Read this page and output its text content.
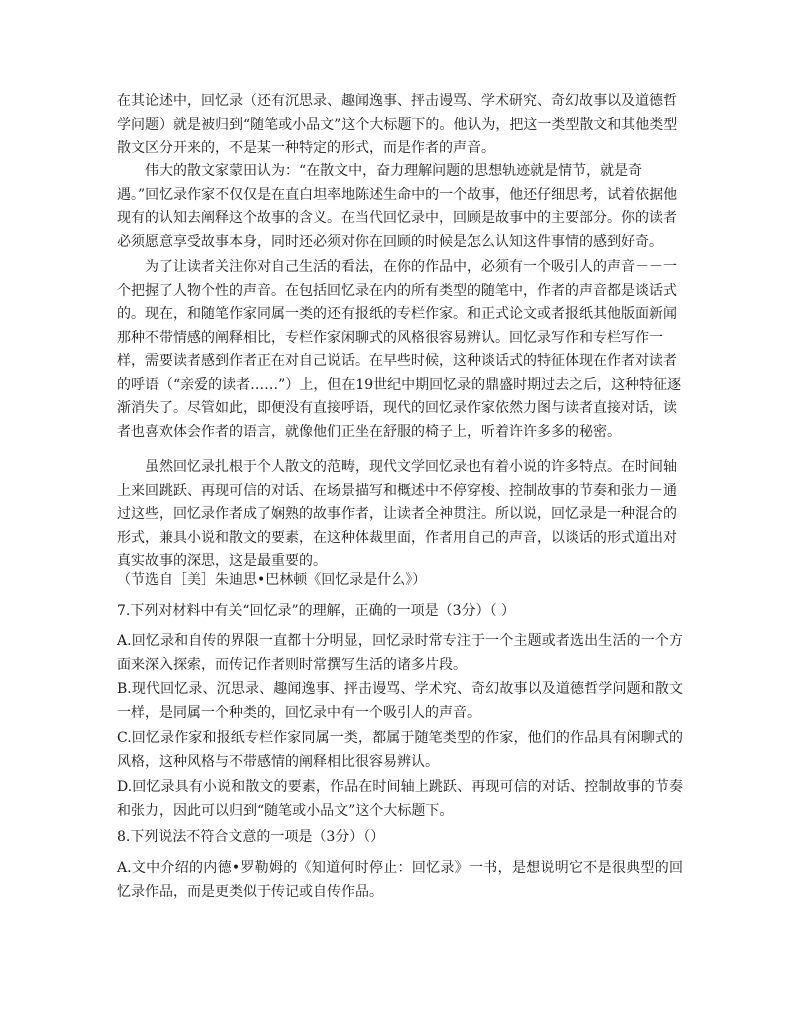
在其论述中，回忆录（还有沉思录、趣闻逸事、抨击谩骂、学术研究、奇幻故事以及道德哲学问题）就是被归到“随笔或小品文”这个大标题下的。他认为，把这一类型散文和其他类型散文区分开来的，不是某一种特定的形式，而是作者的声音。

伟大的散文家蒙田认为：“在散文中，奋力理解问题的思想轨迹就是情节，就是奇遇。”回忆录作家不仅仅是在直白坦率地陈述生命中的一个故事，他还仔细思考，试着依据他现有的认知去阐释这个故事的含义。在当代回忆录中，回顾是故事中的主要部分。你的读者必须愿意享受故事本身，同时还必须对你在回顾的时候是怎么认知这件事情的感到好奇。

为了让读者关注你对自己生活的看法，在你的作品中，必须有一个吸引人的声音－－一个把握了人物个性的声音。在包括回忆录在内的所有类型的随笔中，作者的声音都是谈话式的。现在，和随笔作家同属一类的还有报纸的专栏作家。和正式论文或者报纸其他版面新闻那种不带情感的阐释相比，专栏作家闲聊式的风格很容易辨认。回忆录写作和专栏写作一样，需要读者感到作者正在对自己说话。在早些时候，这种谈话式的特征体现在作者对读者的呼语（“亲爱的读者……”）上，但在19世纪中期回忆录的鼎盛时期过去之后，这种特征逐渐消失了。尽管如此，即便没有直接呼语，现代的回忆录作家依然力图与读者直接对话，读者也喜欢体会作者的语言，就像他们正坐在舒服的椅子上，听着许许多多的秘密。

虽然回忆录扎根于个人散文的范畴，现代文学回忆录也有着小说的许多特点。在时间轴上来回跳跃、再现可信的对话、在场景描写和概述中不停穿梭、控制故事的节奏和张力－通过这些，回忆录作者成了娴熟的故事作者，让读者全神贯注。所以说，回忆录是一种混合的形式，兼具小说和散文的要素，在这种体裁里面，作者用自己的声音，以谈话的形式道出对真实故事的深思，这是最重要的。

（节选自［美］朱迪思•巴林顿《回忆录是什么》）

7.下列对材料中有关“回忆录”的理解，正确的一项是（3分）（ ）

A.回忆录和自传的界限一直都十分明显，回忆录时常专注于一个主题或者选出生活的一个方面来深入探索，而传记作者则时常撰写生活的诸多片段。

B.现代回忆录、沉思录、趣闻逸事、抨击谩骂、学术究、奇幻故事以及道德哲学问题和散文一样，是同属一个种类的，回忆录中有一个吸引人的声音。

C.回忆录作家和报纸专栏作家同属一类，都属于随笔类型的作家，他们的作品具有闲聊式的风格，这种风格与不带感情的阐释相比很容易辨认。

D.回忆录具有小说和散文的要素，作品在时间轴上跳跃、再现可信的对话、控制故事的节奏和张力，因此可以归到“随笔或小品文”这个大标题下。

8.下列说法不符合文意的一项是（3分）（）

A.文中介绍的内德•罗勒姆的《知道何时停止：回忆录》一书，是想说明它不是很典型的回忆录作品，而是更类似于传记或自传作品。
